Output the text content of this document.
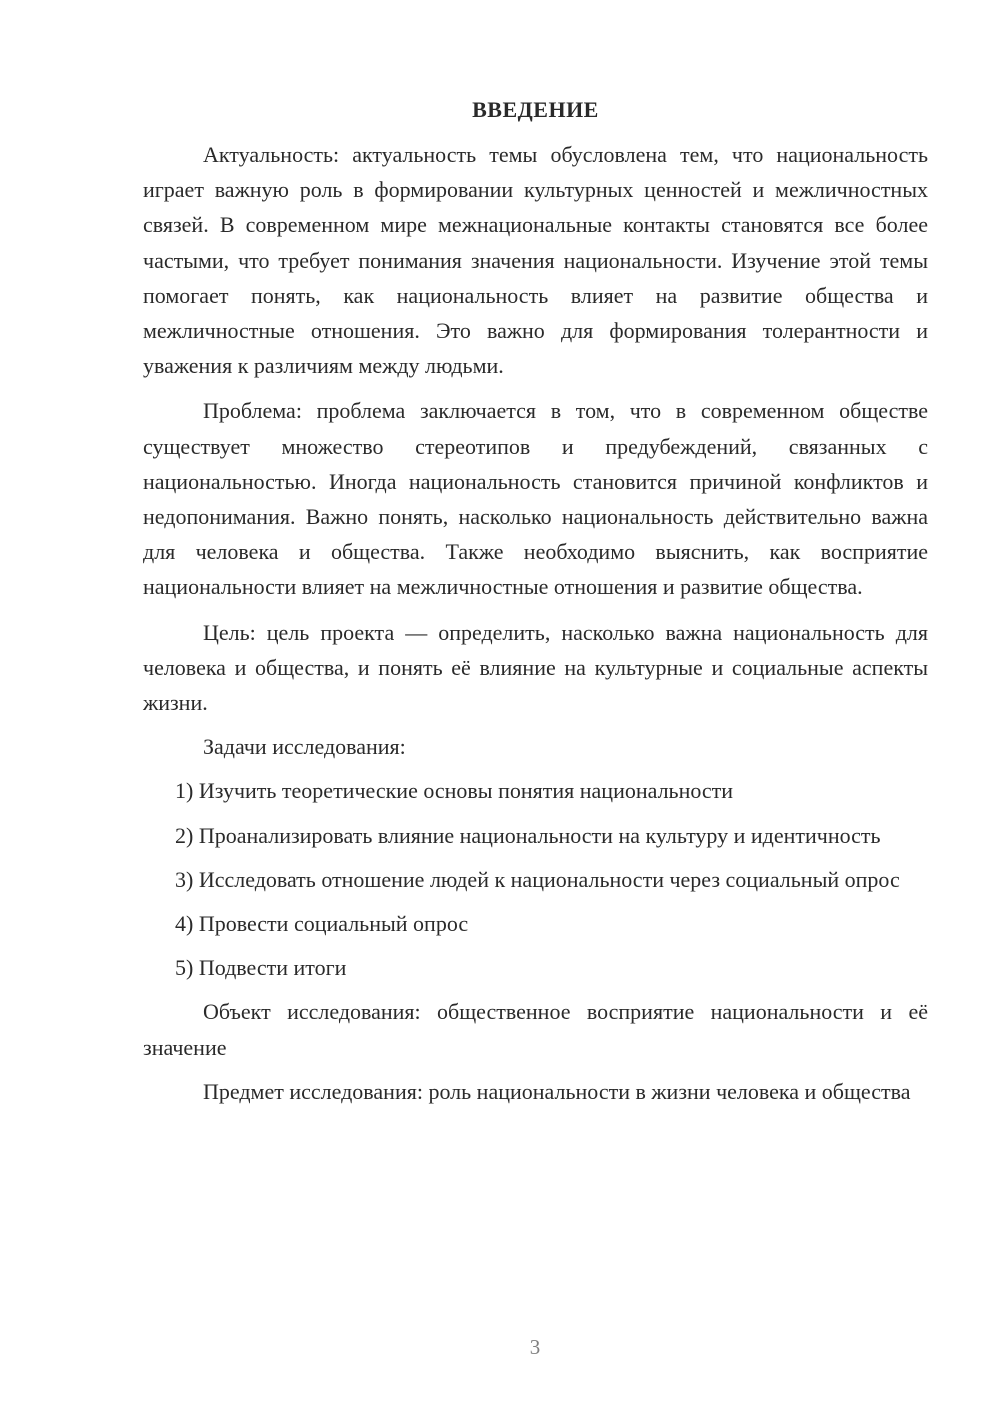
ВВЕДЕНИЕ

Актуальность: актуальность темы обусловлена тем, что национальность играет важную роль в формировании культурных ценностей и межличностных связей. В современном мире межнациональные контакты становятся все более частыми, что требует понимания значения национальности. Изучение этой темы помогает понять, как национальность влияет на развитие общества и межличностные отношения. Это важно для формирования толерантности и уважения к различиям между людьми.

Проблема: проблема заключается в том, что в современном обществе существует множество стереотипов и предубеждений, связанных с национальностью. Иногда национальность становится причиной конфликтов и недопонимания. Важно понять, насколько национальность действительно важна для человека и общества. Также необходимо выяснить, как восприятие национальности влияет на межличностные отношения и развитие общества.

Цель: цель проекта — определить, насколько важна национальность для человека и общества, и понять её влияние на культурные и социальные аспекты жизни.

Задачи исследования:

1) Изучить теоретические основы понятия национальности

2) Проанализировать влияние национальности на культуру и идентичность

3) Исследовать отношение людей к национальности через социальный опрос

4) Провести социальный опрос

5) Подвести итоги

Объект исследования: общественное восприятие национальности и её значение

Предмет исследования: роль национальности в жизни человека и общества

3
